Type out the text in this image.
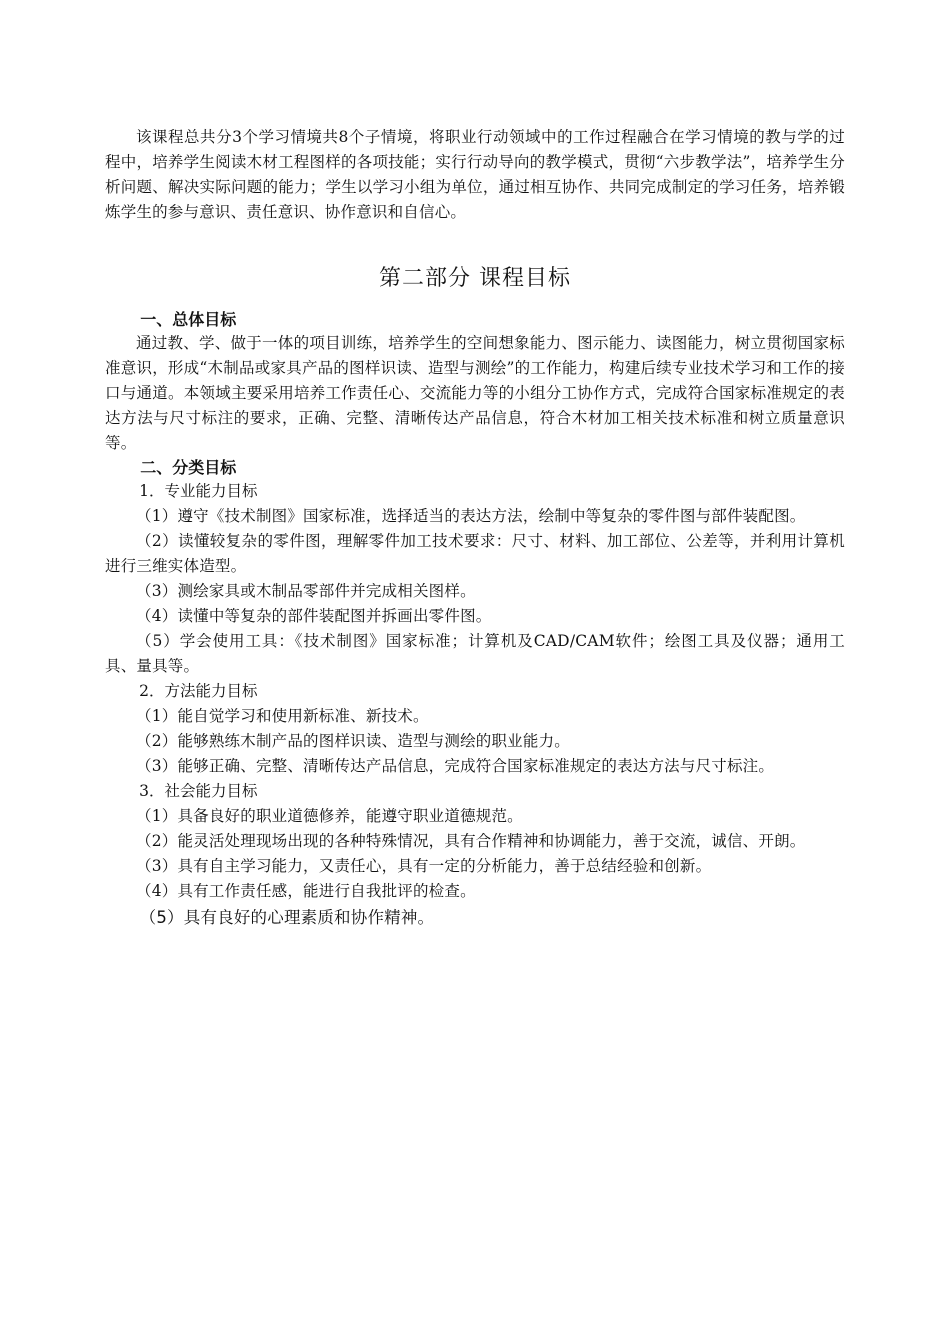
该课程总共分3个学习情境共8个子情境，将职业行动领域中的工作过程融合在学习情境的教与学的过程中，培养学生阅读木材工程图样的各项技能；实行行动导向的教学模式，贯彻“六步教学法”，培养学生分析问题、解决实际问题的能力；学生以学习小组为单位，通过相互协作、共同完成制定的学习任务，培养锻炼学生的参与意识、责任意识、协作意识和自信心。

第二部分 课程目标
一、总体目标

通过教、学、做于一体的项目训练，培养学生的空间想象能力、图示能力、读图能力，树立贯彻国家标准意识，形成“木制品或家具产品的图样识读、造型与测绘”的工作能力，构建后续专业技术学习和工作的接口与通道。本领域主要采用培养工作责任心、交流能力等的小组分工协作方式，完成符合国家标准规定的表达方法与尺寸标注的要求，正确、完整、清晰传达产品信息，符合木材加工相关技术标准和树立质量意识等。

二、分类目标

1．专业能力目标

（1）遵守《技术制图》国家标准，选择适当的表达方法，绘制中等复杂的零件图与部件装配图。

（2）读懂较复杂的零件图，理解零件加工技术要求：尺寸、材料、加工部位、公差等，并利用计算机进行三维实体造型。

（3）测绘家具或木制品零部件并完成相关图样。

（4）读懂中等复杂的部件装配图并拆画出零件图。

（5）学会使用工具：《技术制图》国家标准；计算机及CAD/CAM软件；绘图工具及仪器；通用工具、量具等。

2．方法能力目标

（1）能自觉学习和使用新标准、新技术。

（2）能够熟练木制产品的图样识读、造型与测绘的职业能力。

（3）能够正确、完整、清晰传达产品信息，完成符合国家标准规定的表达方法与尺寸标注。

3．社会能力目标

（1）具备良好的职业道德修养，能遵守职业道德规范。

（2）能灵活处理现场出现的各种特殊情况，具有合作精神和协调能力，善于交流，诚信、开朗。

（3）具有自主学习能力，又责任心，具有一定的分析能力，善于总结经验和创新。

（4）具有工作责任感，能进行自我批评的检查。

（5）具有良好的心理素质和协作精神。
